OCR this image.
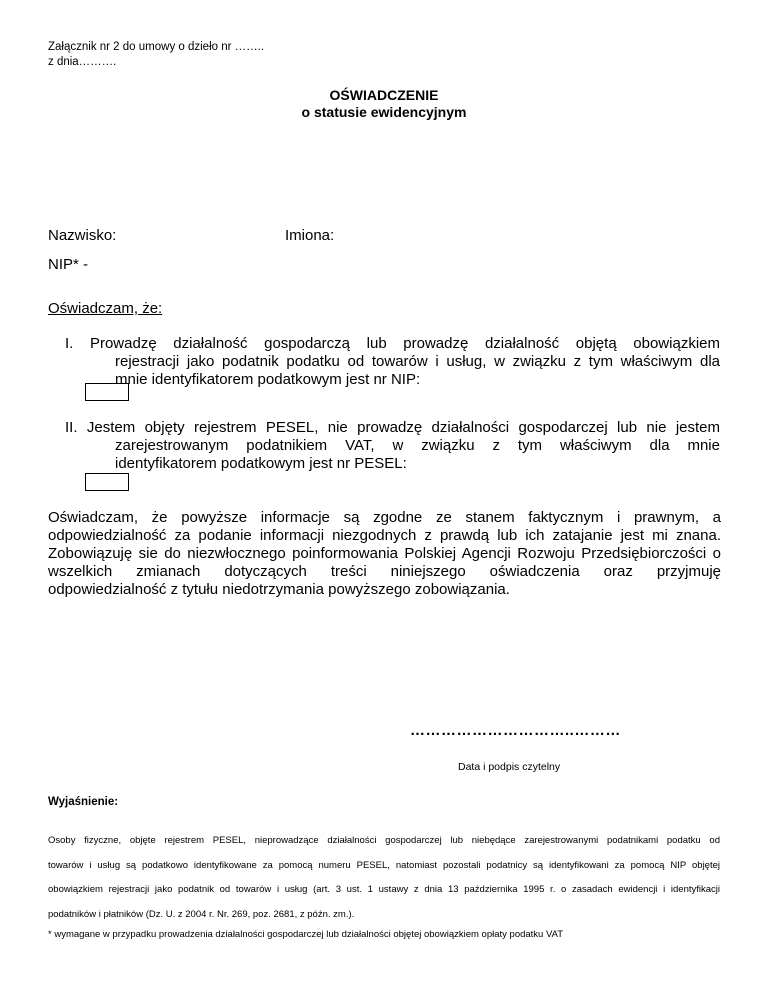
Załącznik nr 2 do umowy o dzieło nr ……..
z dnia……….
OŚWIADCZENIE
o statusie ewidencyjnym
Nazwisko:	Imiona:
NIP* -
Oświadczam, że:
I. Prowadzę działalność gospodarczą lub prowadzę działalność objętą obowiązkiem
rejestracji jako podatnik podatku od towarów i usług, w związku z tym właściwym dla
mnie identyfikatorem podatkowym jest nr NIP:
II. Jestem objęty rejestrem PESEL, nie prowadzę działalności gospodarczej lub nie jestem
zarejestrowanym podatnikiem VAT, w związku z tym właściwym dla mnie
identyfikatorem podatkowym jest nr PESEL:
Oświadczam, że powyższe informacje są zgodne ze stanem faktycznym i prawnym, a
odpowiedzialność za podanie informacji niezgodnych z prawdą lub ich zatajanie jest mi znana.
Zobowiązuję sie do niezwłocznego poinformowania Polskiej Agencji Rozwoju Przedsiębiorczości o
wszelkich zmianach dotyczących treści niniejszego oświadczenia oraz przyjmuję
odpowiedzialność z tytułu niedotrzymania powyższego zobowiązania.
…………………………..………
Data i podpis czytelny
Wyjaśnienie:
Osoby fizyczne, objęte rejestrem PESEL, nieprowadzące działalności gospodarczej lub niebędące zarejestrowanymi podatnikami podatku od
towarów i usług są podatkowo identyfikowane za pomocą numeru PESEL, natomiast pozostali podatnicy są identyfikowani za pomocą NIP objętej
obowiązkiem rejestracji jako podatnik od towarów i usług (art. 3 ust. 1 ustawy z dnia 13 października 1995 r. o zasadach ewidencji i identyfikacji
podatników i płatników (Dz. U. z 2004 r. Nr. 269, poz. 2681, z późn. zm.).
* wymagane w przypadku prowadzenia działalności gospodarczej lub działalności objętej obowiązkiem opłaty podatku VAT
